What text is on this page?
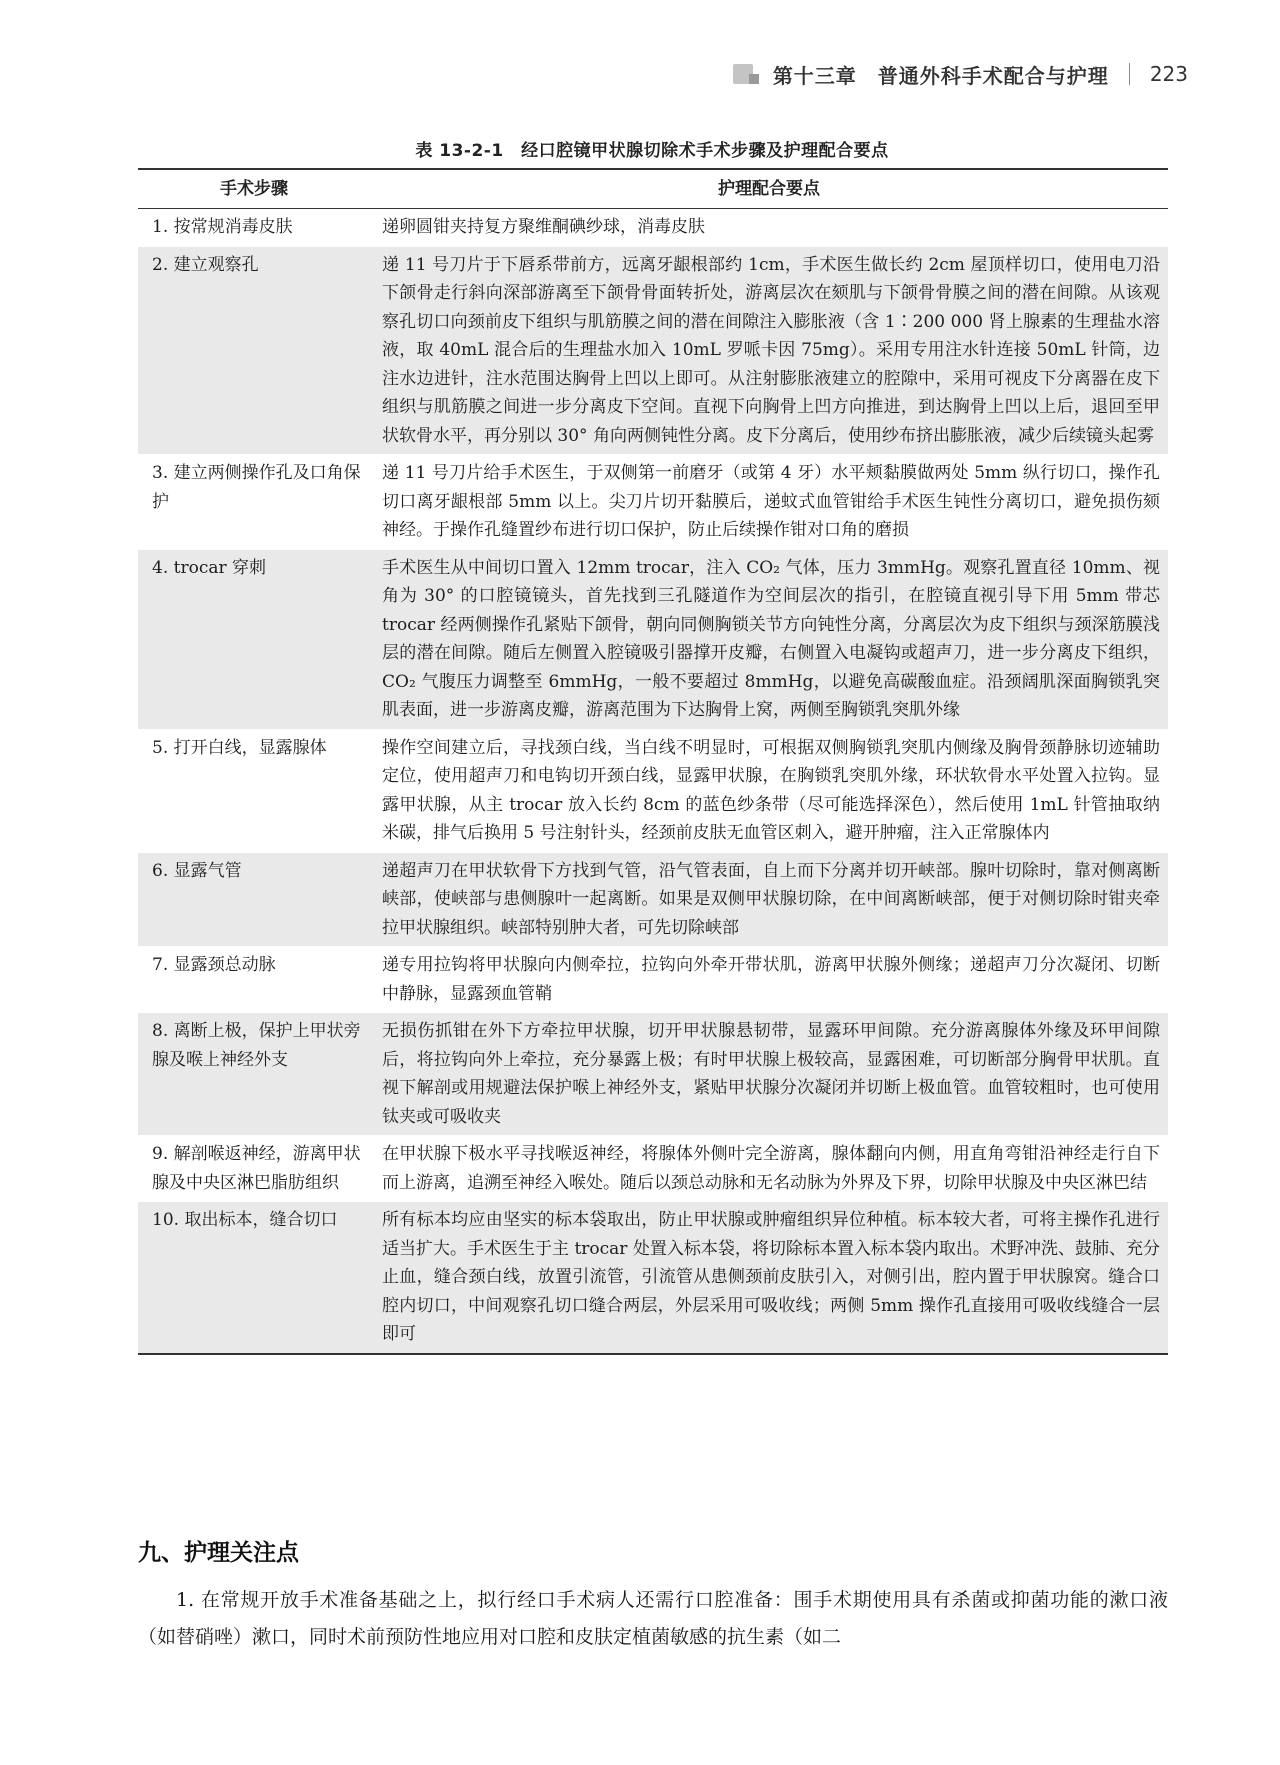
第十三章　普通外科手术配合与护理 223
表 13-2-1　经口腔镜甲状腺切除术手术步骤及护理配合要点
手术步骤	护理配合要点
1. 按常规消毒皮肤	递卵圆钳夹持复方聚维酮碘纱球，消毒皮肤
2. 建立观察孔	递 11 号刀片于下唇系带前方，远离牙龈根部约 1cm，手术医生做长约 2cm 屋顶样切口，使用电刀沿下颌骨走行斜向深部游离至下颌骨骨面转折处，游离层次在颏肌与下颌骨骨膜之间的潜在间隙。从该观察孔切口向颈前皮下组织与肌筋膜之间的潜在间隙注入膨胀液（含 1∶200 000 肾上腺素的生理盐水溶液，取 40mL 混合后的生理盐水加入 10mL 罗哌卡因 75mg）。采用专用注水针连接 50mL 针筒，边注水边进针，注水范围达胸骨上凹以上即可。从注射膨胀液建立的腔隙中，采用可视皮下分离器在皮下组织与肌筋膜之间进一步分离皮下空间。直视下向胸骨上凹方向推进，到达胸骨上凹以上后，退回至甲状软骨水平，再分别以 30° 角向两侧钝性分离。皮下分离后，使用纱布挤出膨胀液，减少后续镜头起雾
3. 建立两侧操作孔及口角保护	递 11 号刀片给手术医生，于双侧第一前磨牙（或第 4 牙）水平颊黏膜做两处 5mm 纵行切口，操作孔切口离牙龈根部 5mm 以上。尖刀片切开黏膜后，递蚊式血管钳给手术医生钝性分离切口，避免损伤颏神经。于操作孔缝置纱布进行切口保护，防止后续操作钳对口角的磨损
4. trocar 穿刺	手术医生从中间切口置入 12mm trocar，注入 CO₂ 气体，压力 3mmHg。观察孔置直径 10mm、视角为 30° 的口腔镜镜头，首先找到三孔隧道作为空间层次的指引，在腔镜直视引导下用 5mm 带芯 trocar 经两侧操作孔紧贴下颌骨，朝向同侧胸锁关节方向钝性分离，分离层次为皮下组织与颈深筋膜浅层的潜在间隙。随后左侧置入腔镜吸引器撑开皮瓣，右侧置入电凝钩或超声刀，进一步分离皮下组织，CO₂ 气腹压力调整至 6mmHg，一般不要超过 8mmHg，以避免高碳酸血症。沿颈阔肌深面胸锁乳突肌表面，进一步游离皮瓣，游离范围为下达胸骨上窝，两侧至胸锁乳突肌外缘
5. 打开白线，显露腺体	操作空间建立后，寻找颈白线，当白线不明显时，可根据双侧胸锁乳突肌内侧缘及胸骨颈静脉切迹辅助定位，使用超声刀和电钩切开颈白线，显露甲状腺，在胸锁乳突肌外缘，环状软骨水平处置入拉钩。显露甲状腺，从主 trocar 放入长约 8cm 的蓝色纱条带（尽可能选择深色），然后使用 1mL 针管抽取纳米碳，排气后换用 5 号注射针头，经颈前皮肤无血管区刺入，避开肿瘤，注入正常腺体内
6. 显露气管	递超声刀在甲状软骨下方找到气管，沿气管表面，自上而下分离并切开峡部。腺叶切除时，靠对侧离断峡部，使峡部与患侧腺叶一起离断。如果是双侧甲状腺切除，在中间离断峡部，便于对侧切除时钳夹牵拉甲状腺组织。峡部特别肿大者，可先切除峡部
7. 显露颈总动脉	递专用拉钩将甲状腺向内侧牵拉，拉钩向外牵开带状肌，游离甲状腺外侧缘；递超声刀分次凝闭、切断中静脉，显露颈血管鞘
8. 离断上极，保护上甲状旁腺及喉上神经外支	无损伤抓钳在外下方牵拉甲状腺，切开甲状腺悬韧带，显露环甲间隙。充分游离腺体外缘及环甲间隙后，将拉钩向外上牵拉，充分暴露上极；有时甲状腺上极较高，显露困难，可切断部分胸骨甲状肌。直视下解剖或用规避法保护喉上神经外支，紧贴甲状腺分次凝闭并切断上极血管。血管较粗时，也可使用钛夹或可吸收夹
9. 解剖喉返神经，游离甲状腺及中央区淋巴脂肪组织	在甲状腺下极水平寻找喉返神经，将腺体外侧叶完全游离，腺体翻向内侧，用直角弯钳沿神经走行自下而上游离，追溯至神经入喉处。随后以颈总动脉和无名动脉为外界及下界，切除甲状腺及中央区淋巴结
10. 取出标本，缝合切口	所有标本均应由坚实的标本袋取出，防止甲状腺或肿瘤组织异位种植。标本较大者，可将主操作孔进行适当扩大。手术医生于主 trocar 处置入标本袋，将切除标本置入标本袋内取出。术野冲洗、鼓肺、充分止血，缝合颈白线，放置引流管，引流管从患侧颈前皮肤引入，对侧引出，腔内置于甲状腺窝。缝合口腔内切口，中间观察孔切口缝合两层，外层采用可吸收线；两侧 5mm 操作孔直接用可吸收线缝合一层即可
九、护理关注点
1. 在常规开放手术准备基础之上，拟行经口手术病人还需行口腔准备：围手术期使用具有杀菌或抑菌功能的漱口液（如替硝唑）漱口，同时术前预防性地应用对口腔和皮肤定植菌敏感的抗生素（如二
